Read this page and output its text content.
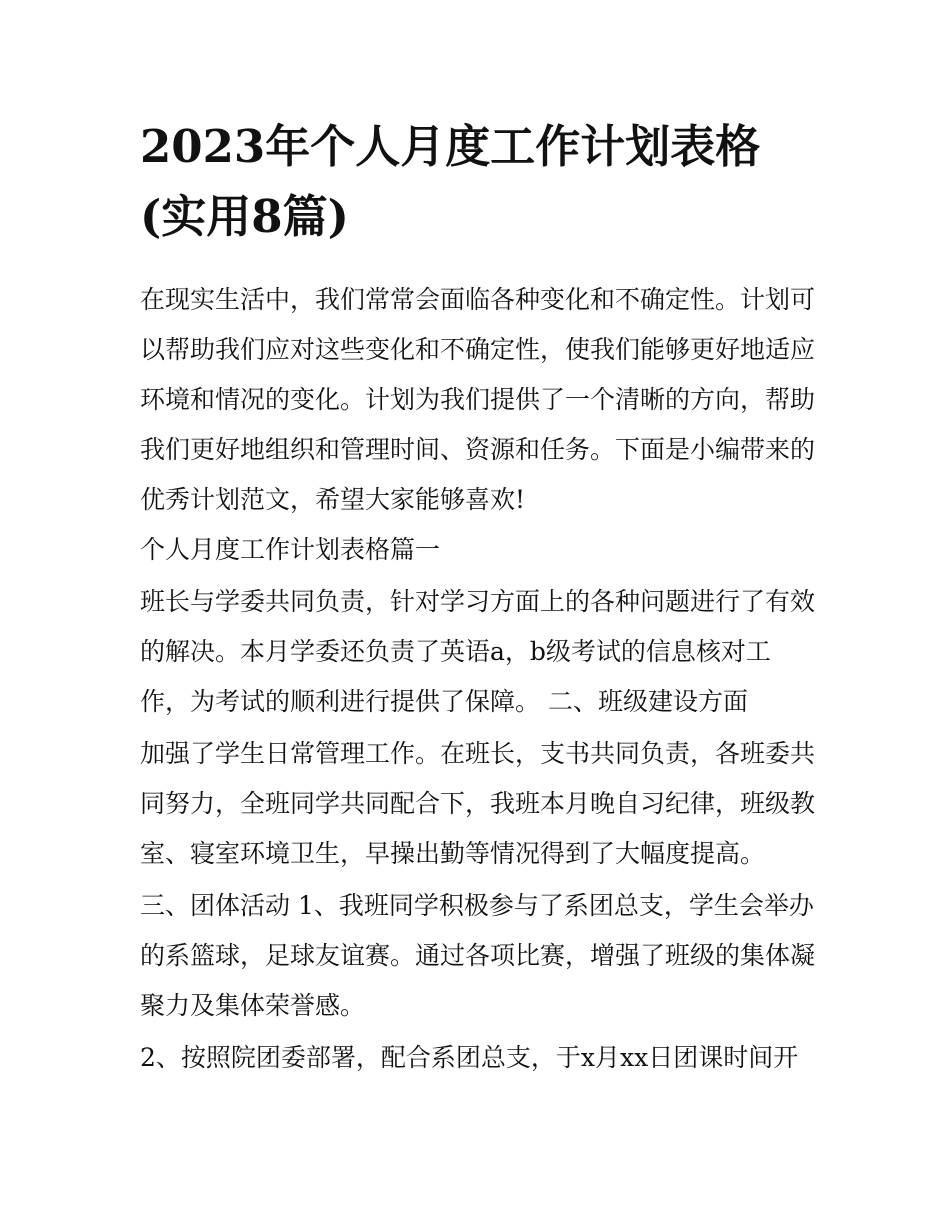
2023年个人月度工作计划表格
(实用8篇)

在现实生活中，我们常常会面临各种变化和不确定性。计划可

以帮助我们应对这些变化和不确定性，使我们能够更好地适应

环境和情况的变化。计划为我们提供了一个清晰的方向，帮助

我们更好地组织和管理时间、资源和任务。下面是小编带来的

优秀计划范文，希望大家能够喜欢!

个人月度工作计划表格篇一

班长与学委共同负责，针对学习方面上的各种问题进行了有效

的解决。本月学委还负责了英语a，b级考试的信息核对工

作，为考试的顺利进行提供了保障。 二、班级建设方面

加强了学生日常管理工作。在班长，支书共同负责，各班委共

同努力，全班同学共同配合下，我班本月晚自习纪律，班级教

室、寝室环境卫生，早操出勤等情况得到了大幅度提高。

三、团体活动 1、我班同学积极参与了系团总支，学生会举办

的系篮球，足球友谊赛。通过各项比赛，增强了班级的集体凝

聚力及集体荣誉感。

2、按照院团委部署，配合系团总支，于x月xx日团课时间开
